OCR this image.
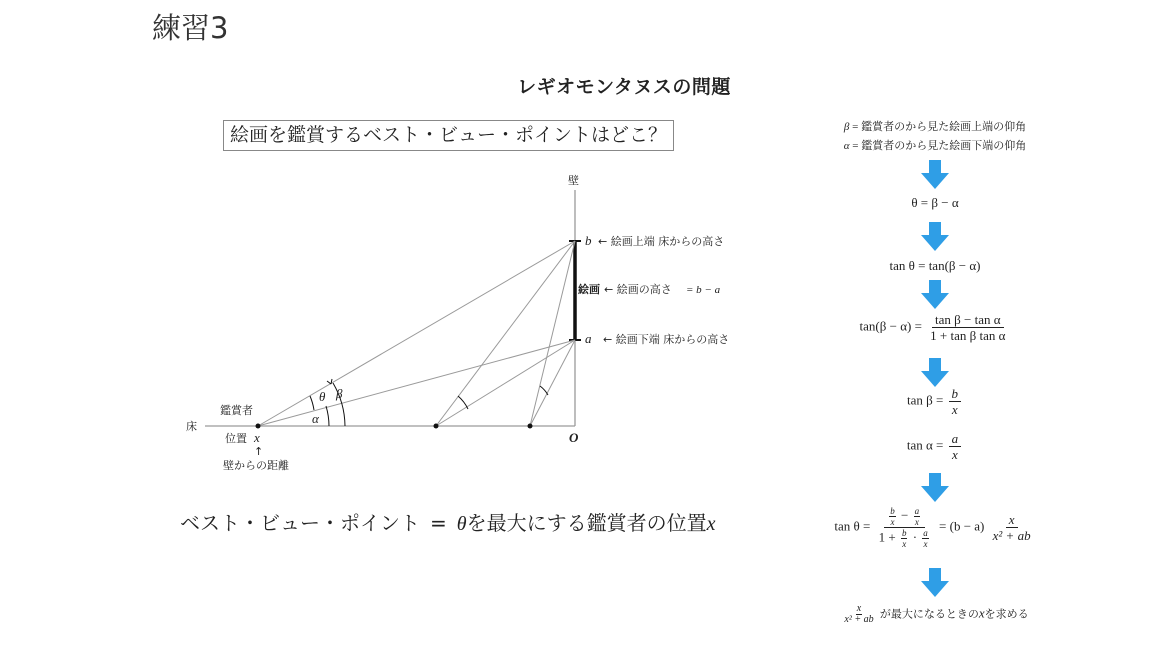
練習3
レギオモンタヌスの問題
絵画を鑑賞するベスト・ビュー・ポイントはどこ？
壁
床
O
b ← 絵画上端 床からの高さ
絵画 ← 絵画の高さ = b − a
a ← 絵画下端 床からの高さ
θ β
α
鑑賞者
位置 x
↑
壁からの距離
ベスト・ビュー・ポイント = θを最大にする鑑賞者の位置x
β = 鑑賞者のから見た絵画上端の仰角
α = 鑑賞者のから見た絵画下端の仰角
θ = β − α
tan θ = tan(β − α)
$\tan(\beta - \alpha) = \frac{\text{tan β − tan α}}{\text{1 + tan β tan α}}$
$\tan \beta = \frac{b}{x}$
$\tan \alpha = \frac{a}{x}$
$\tan \theta = \frac{\frac{b}{x} - \frac{a}{x}}{1 + \frac{b}{x} \cdot \frac{a}{x}} = (b - a) \frac{x}{\text{x² + ab}}$
$\frac{x}{\text{x² + ab}}$ が最大になるときのxを求める
